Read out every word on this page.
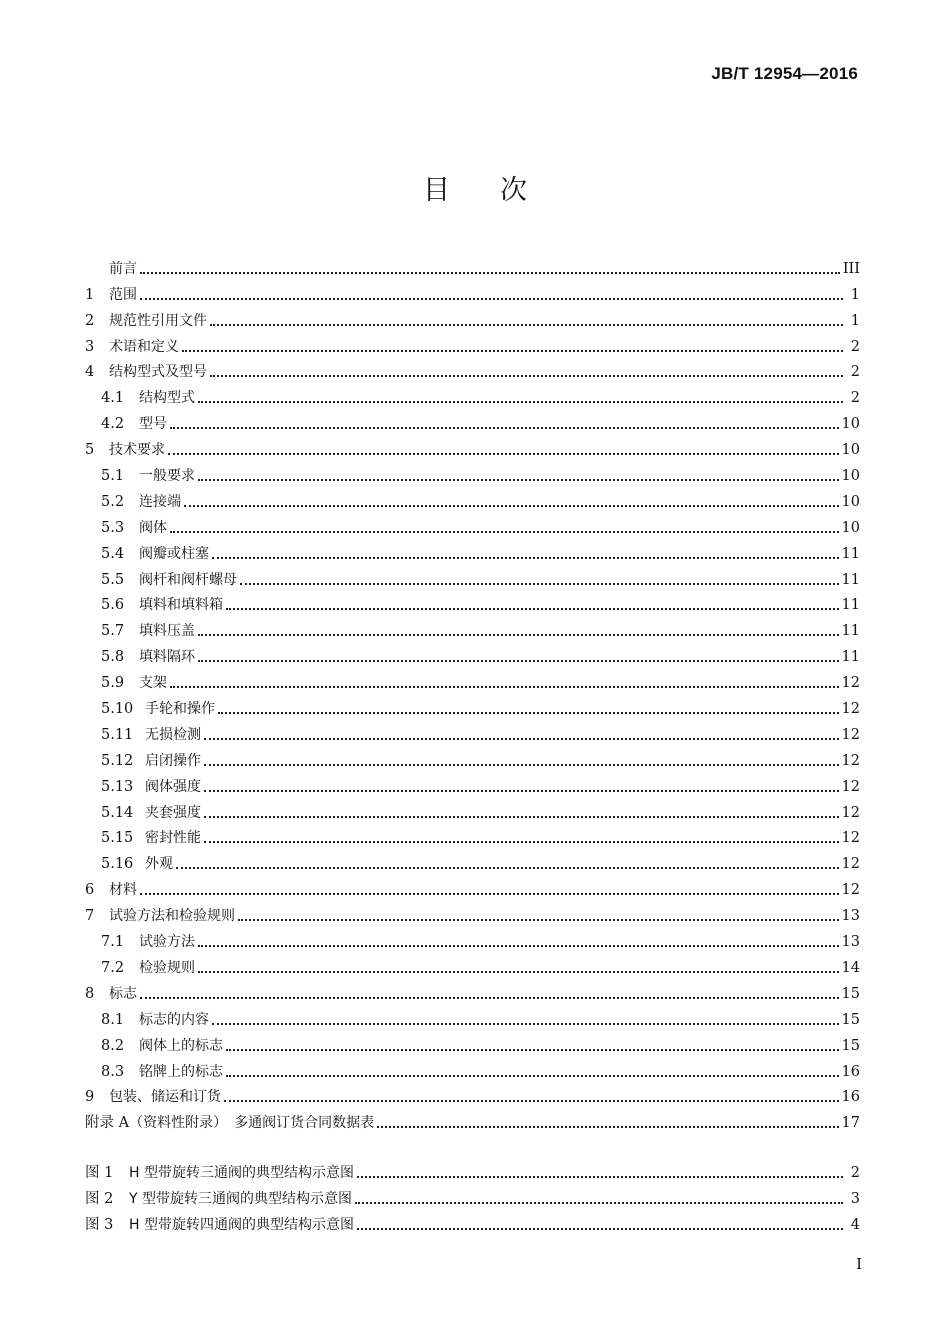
JB/T 12954—2016
目次
前言	III
1	范围	1
2	规范性引用文件	1
3	术语和定义	2
4	结构型式及型号	2
4.1	结构型式	2
4.2	型号	10
5	技术要求	10
5.1	一般要求	10
5.2	连接端	10
5.3	阀体	10
5.4	阀瓣或柱塞	11
5.5	阀杆和阀杆螺母	11
5.6	填料和填料箱	11
5.7	填料压盖	11
5.8	填料隔环	11
5.9	支架	12
5.10 手轮和操作	12
5.11 无损检测	12
5.12 启闭操作	12
5.13 阀体强度	12
5.14 夹套强度	12
5.15 密封性能	12
5.16 外观	12
6	材料	12
7	试验方法和检验规则	13
7.1	试验方法	13
7.2	检验规则	14
8	标志	15
8.1	标志的内容	15
8.2	阀体上的标志	15
8.3	铭牌上的标志	16
9	包装、储运和订货	16
附录 A （资料性附录）　多通阀订货合同数据表	17
图 1	H 型带旋转三通阀的典型结构示意图	2
图 2	Y 型带旋转三通阀的典型结构示意图	3
图 3	H 型带旋转四通阀的典型结构示意图	4
I
